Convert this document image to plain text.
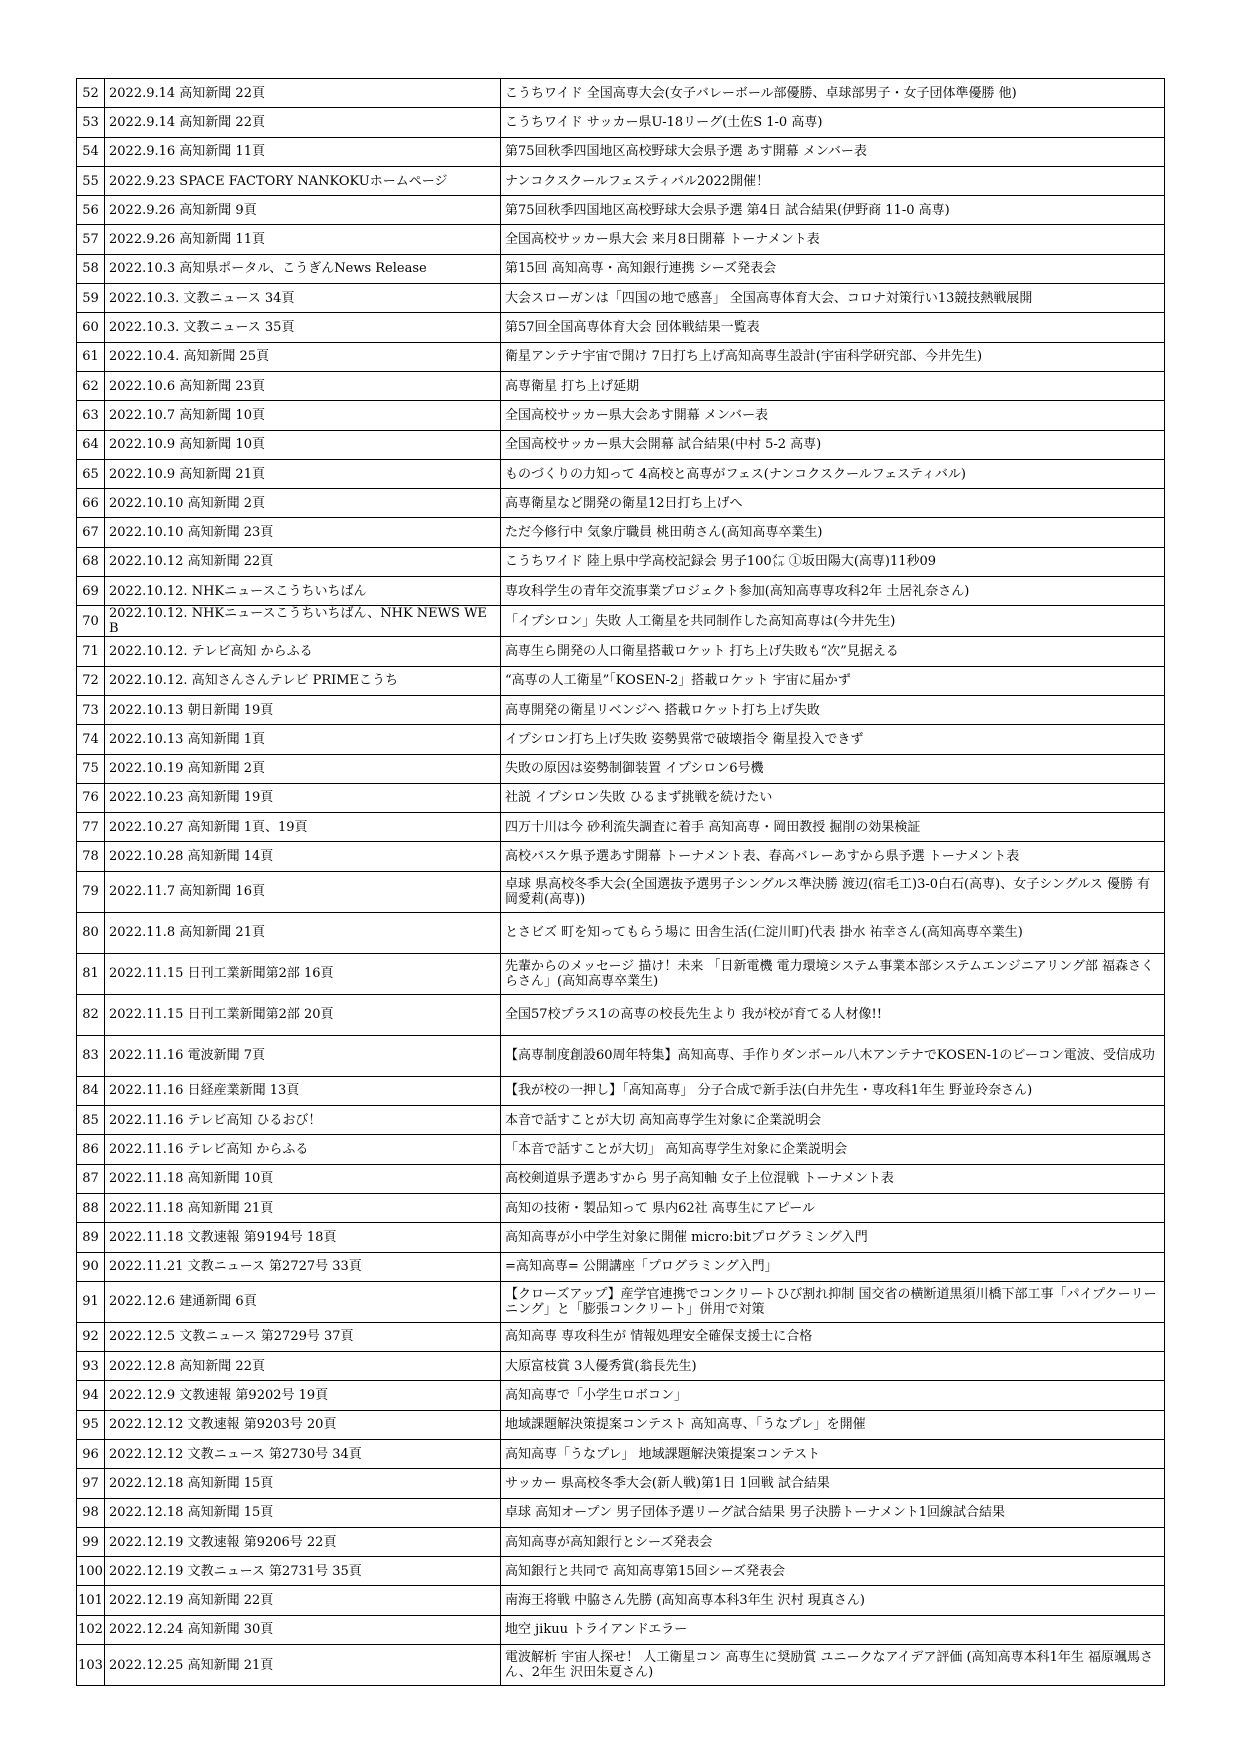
52	2022.9.14 高知新聞 22頁	こうちワイド 全国高専大会(女子バレーボール部優勝、卓球部男子・女子団体準優勝 他)
53	2022.9.14 高知新聞 22頁	こうちワイド サッカー県U-18リーグ(土佐S 1-0 高専)
54	2022.9.16 高知新聞 11頁	第75回秋季四国地区高校野球大会県予選 あす開幕 メンバー表
55	2022.9.23 SPACE FACTORY NANKOKUホームページ	ナンコクスクールフェスティバル2022開催！
56	2022.9.26 高知新聞 9頁	第75回秋季四国地区高校野球大会県予選 第4日 試合結果(伊野商 11-0 高専)
57	2022.9.26 高知新聞 11頁	全国高校サッカー県大会 来月8日開幕 トーナメント表
58	2022.10.3 高知県ポータル、こうぎんNews Release	第15回 高知高専・高知銀行連携 シーズ発表会
59	2022.10.3. 文教ニュース 34頁	大会スローガンは「四国の地で感喜」 全国高専体育大会、コロナ対策行い13競技熱戦展開
60	2022.10.3. 文教ニュース 35頁	第57回全国高専体育大会 団体戦結果一覧表
61	2022.10.4. 高知新聞 25頁	衛星アンテナ宇宙で開け 7日打ち上げ高知高専生設計(宇宙科学研究部、今井先生)
62	2022.10.6 高知新聞 23頁	高専衛星 打ち上げ延期
63	2022.10.7 高知新聞 10頁	全国高校サッカー県大会あす開幕 メンバー表
64	2022.10.9 高知新聞 10頁	全国高校サッカー県大会開幕 試合結果(中村 5-2 高専)
65	2022.10.9 高知新聞 21頁	ものづくりの力知って 4高校と高専がフェス(ナンコクスクールフェスティバル)
66	2022.10.10 高知新聞 2頁	高専衛星など開発の衛星12日打ち上げへ
67	2022.10.10 高知新聞 23頁	ただ今修行中 気象庁職員 桃田萌さん(高知高専卒業生)
68	2022.10.12 高知新聞 22頁	こうちワイド 陸上県中学高校記録会 男子100㍍ ①坂田陽大(高専)11秒09
69	2022.10.12. NHKニュースこうちいちばん	専攻科学生の青年交流事業プロジェクト参加(高知高専専攻科2年 土居礼奈さん)
70	2022.10.12. NHKニュースこうちいちばん、NHK NEWS WEB	「イプシロン」失敗 人工衛星を共同制作した高知高専は(今井先生)
71	2022.10.12. テレビ高知 からふる	高専生ら開発の人口衛星搭載ロケット 打ち上げ失敗も“次”見据える
72	2022.10.12. 高知さんさんテレビ PRIMEこうち	“高専の人工衛星”「KOSEN-2」搭載ロケット 宇宙に届かず
73	2022.10.13 朝日新聞 19頁	高専開発の衛星リベンジへ 搭載ロケット打ち上げ失敗
74	2022.10.13 高知新聞 1頁	イプシロン打ち上げ失敗 姿勢異常で破壊指令 衛星投入できず
75	2022.10.19 高知新聞 2頁	失敗の原因は姿勢制御装置 イプシロン6号機
76	2022.10.23 高知新聞 19頁	社説 イプシロン失敗 ひるまず挑戦を続けたい
77	2022.10.27 高知新聞 1頁、19頁	四万十川は今 砂利流失調査に着手 高知高専・岡田教授 掘削の効果検証
78	2022.10.28 高知新聞 14頁	高校バスケ県予選あす開幕 トーナメント表、春高バレーあすから県予選 トーナメント表
79	2022.11.7 高知新聞 16頁	卓球 県高校冬季大会(全国選抜予選男子シングルス準決勝 渡辺(宿毛工)3-0白石(高専)、女子シングルス 優勝 有岡愛莉(高専))
80	2022.11.8 高知新聞 21頁	とさビズ 町を知ってもらう場に 田舎生活(仁淀川町)代表 掛水 祐幸さん(高知高専卒業生)
81	2022.11.15 日刊工業新聞第2部 16頁	先輩からのメッセージ 描け！未来 「日新電機 電力環境システム事業本部システムエンジニアリング部 福森さくらさん」(高知高専卒業生)
82	2022.11.15 日刊工業新聞第2部 20頁	全国57校プラス1の高専の校長先生より 我が校が育てる人材像!!
83	2022.11.16 電波新聞 7頁	【高専制度創設60周年特集】高知高専、手作りダンボール八木アンテナでKOSEN-1のビーコン電波、受信成功
84	2022.11.16 日経産業新聞 13頁	【我が校の一押し】「高知高専」 分子合成で新手法(白井先生・専攻科1年生 野並玲奈さん)
85	2022.11.16 テレビ高知 ひるおび！	本音で話すことが大切 高知高専学生対象に企業説明会
86	2022.11.16 テレビ高知 からふる	「本音で話すことが大切」 高知高専学生対象に企業説明会
87	2022.11.18 高知新聞 10頁	高校剣道県予選あすから 男子高知軸 女子上位混戦 トーナメント表
88	2022.11.18 高知新聞 21頁	高知の技術・製品知って 県内62社 高専生にアピール
89	2022.11.18 文教速報 第9194号 18頁	高知高専が小中学生対象に開催 micro:bitプログラミング入門
90	2022.11.21 文教ニュース 第2727号 33頁	=高知高専= 公開講座「プログラミング入門」
91	2022.12.6 建通新聞 6頁	【クローズアップ】産学官連携でコンクリートひび割れ抑制 国交省の横断道黒須川橋下部工事「パイプクーリーニング」と「膨張コンクリート」併用で対策
92	2022.12.5 文教ニュース 第2729号 37頁	高知高専 専攻科生が 情報処理安全確保支援士に合格
93	2022.12.8 高知新聞 22頁	大原富枝賞 3人優秀賞(翁長先生)
94	2022.12.9 文教速報 第9202号 19頁	高知高専で「小学生ロボコン」
95	2022.12.12 文教速報 第9203号 20頁	地域課題解決策提案コンテスト 高知高専、「うなプレ」を開催
96	2022.12.12 文教ニュース 第2730号 34頁	高知高専「うなプレ」 地域課題解決策提案コンテスト
97	2022.12.18 高知新聞 15頁	サッカー 県高校冬季大会(新人戦)第1日 1回戦 試合結果
98	2022.12.18 高知新聞 15頁	卓球 高知オープン 男子団体予選リーグ試合結果 男子決勝トーナメント1回線試合結果
99	2022.12.19 文教速報 第9206号 22頁	高知高専が高知銀行とシーズ発表会
100	2022.12.19 文教ニュース 第2731号 35頁	高知銀行と共同で 高知高専第15回シーズ発表会
101	2022.12.19 高知新聞 22頁	南海王将戦 中脇さん先勝 (高知高専本科3年生 沢村 現真さん)
102	2022.12.24 高知新聞 30頁	地空 jikuu トライアンドエラー
103	2022.12.25 高知新聞 21頁	電波解析 宇宙人探せ！ 人工衛星コン 高専生に奨励賞 ユニークなアイデア評価 (高知高専本科1年生 福原颯馬さん、2年生 沢田朱夏さん)
